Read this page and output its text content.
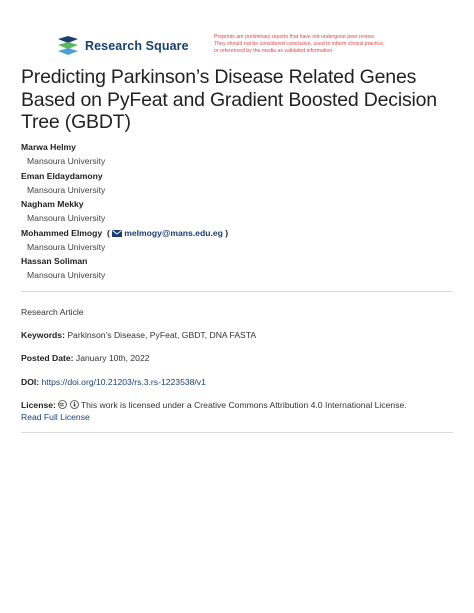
Research Square
Preprints are preliminary reports that have not undergone peer review.
They should not be considered conclusive, used to inform clinical practice,
or referenced by the media as validated information.
Predicting Parkinson’s Disease Related Genes
Based on PyFeat and Gradient Boosted Decision
Tree (GBDT)
Marwa Helmy
Mansoura University
Eman Eldaydamony
Mansoura University
Nagham Mekky
Mansoura University
Mohammed Elmogy ( melmogy@mans.edu.eg )
Mansoura University
Hassan Soliman
Mansoura University
Research Article
Keywords: Parkinson’s Disease, PyFeat, GBDT, DNA FASTA
Posted Date: January 10th, 2022
DOI: https://doi.org/10.21203/rs.3.rs-1223538/v1
License:	This work is licensed under a Creative Commons Attribution 4.0 International License.
Read Full License
